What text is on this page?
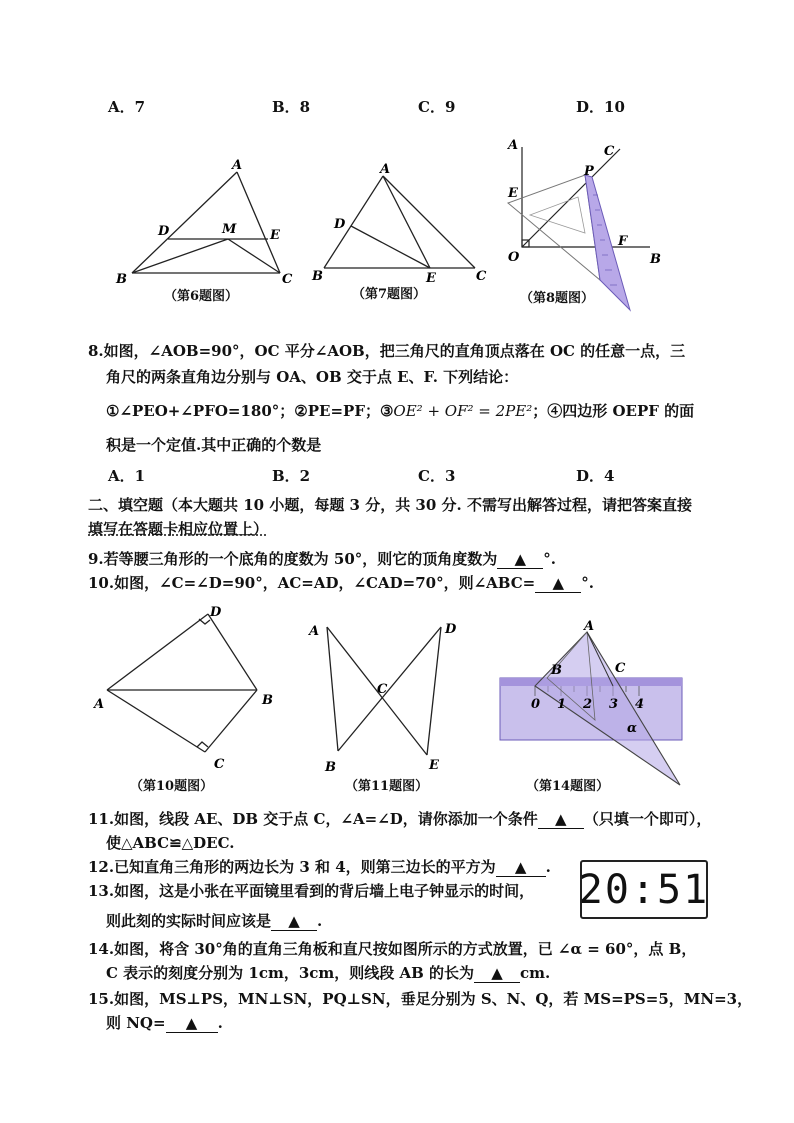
A．7	B．8	C．9	D．10
A
B	C
D	E
M
（第6题图）
A
B	C
D
E
（第7题图）
A
B
C
E
F
O
P
（第8题图）
8.如图，∠AOB=90°，OC 平分∠AOB，把三角尺的直角顶点落在 OC 的任意一点，三
角尺的两条直角边分别与 OA、OB 交于点 E、F. 下列结论：
①∠PEO+∠PFO=180°；②PE=PF；③OE² + OF² = 2PE²；④四边形 OEPF 的面
积是一个定值.其中正确的个数是
A．1	B．2	C．3	D．4
二、填空题（本大题共 10 小题，每题 3 分，共 30 分. 不需写出解答过程，请把答案直接
填写在答题卡相应位置上）
9.若等腰三角形的一个底角的度数为 50°，则它的顶角度数为 ▲ °.
10.如图，∠C=∠D=90°，AC=AD，∠CAD=70°，则∠ABC= ▲ °.
A	B
C
D
（第10题图）
A
B
C
D
E
（第11题图）
A
B	C
α
0 1 2 3 4
（第14题图）
11.如图，线段 AE、DB 交于点 C，∠A=∠D，请你添加一个条件 ▲ （只填一个即可），
使△ABC≌△DEC.
12.已知直角三角形的两边长为 3 和 4，则第三边长的平方为 ▲ .
13.如图，这是小张在平面镜里看到的背后墙上电子钟显示的时间，
则此刻的实际时间应该是 ▲ .
20:51
14.如图，将含 30°角的直角三角板和直尺按如图所示的方式放置，已 ∠α = 60°，点 B，
C 表示的刻度分别为 1cm，3cm，则线段 AB 的长为 ▲ cm.
15.如图，MS⊥PS，MN⊥SN，PQ⊥SN，垂足分别为 S、N、Q，若 MS=PS=5，MN=3，
则 NQ= ▲ .
